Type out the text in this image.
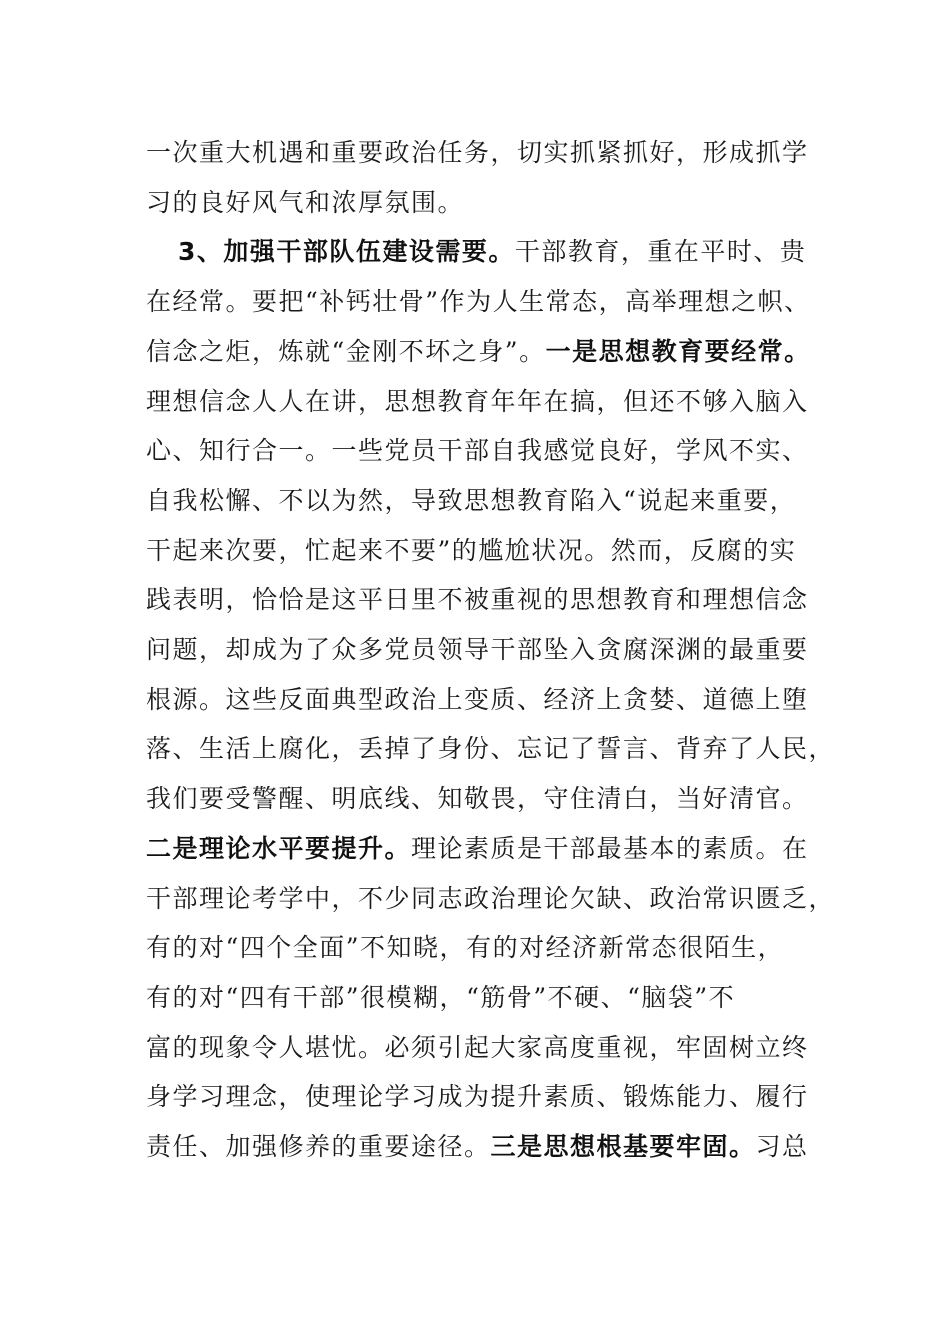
一次重大机遇和重要政治任务，切实抓紧抓好，形成抓学
习的良好风气和浓厚氛围。
3、加强干部队伍建设需要。干部教育，重在平时、贵
在经常。要把“补钙壮骨”作为人生常态，高举理想之帜、
信念之炬，炼就“金刚不坏之身”。一是思想教育要经常。
理想信念人人在讲，思想教育年年在搞，但还不够入脑入
心、知行合一。一些党员干部自我感觉良好，学风不实、
自我松懈、不以为然，导致思想教育陷入“说起来重要，
干起来次要，忙起来不要”的尴尬状况。然而，反腐的实
践表明，恰恰是这平日里不被重视的思想教育和理想信念
问题，却成为了众多党员领导干部坠入贪腐深渊的最重要
根源。这些反面典型政治上变质、经济上贪婪、道德上堕
落、生活上腐化，丢掉了身份、忘记了誓言、背弃了人民，
我们要受警醒、明底线、知敬畏，守住清白，当好清官。
二是理论水平要提升。理论素质是干部最基本的素质。在
干部理论考学中，不少同志政治理论欠缺、政治常识匮乏，
有的对“四个全面”不知晓，有的对经济新常态很陌生，
有的对“四有干部”很模糊，“筋骨”不硬、“脑袋”不
富的现象令人堪忧。必须引起大家高度重视，牢固树立终
身学习理念，使理论学习成为提升素质、锻炼能力、履行
责任、加强修养的重要途径。三是思想根基要牢固。习总
